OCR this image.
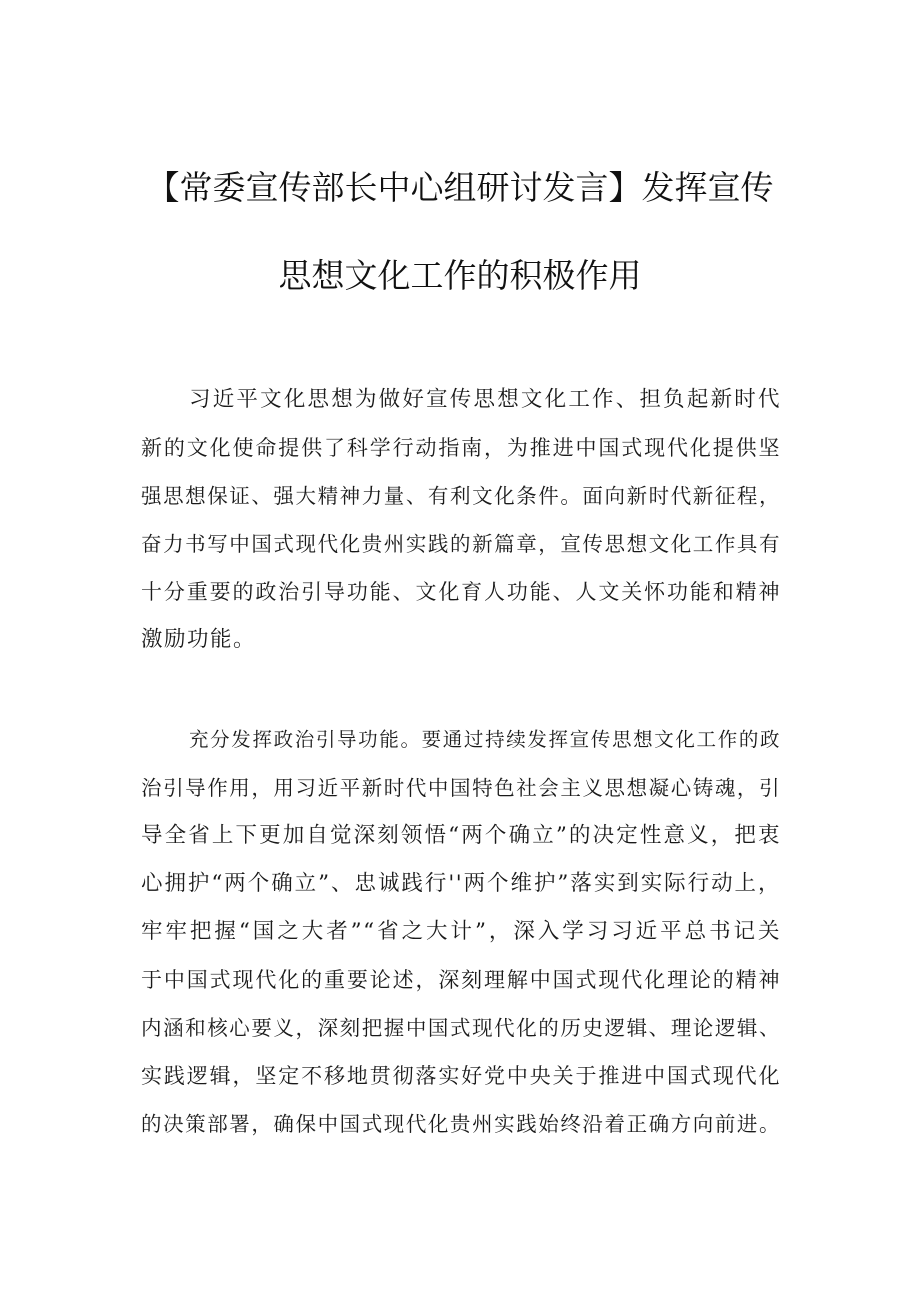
【常委宣传部长中心组研讨发言】发挥宣传
思想文化工作的积极作用
习近平文化思想为做好宣传思想文化工作、担负起新时代
新的文化使命提供了科学行动指南，为推进中国式现代化提供坚
强思想保证、强大精神力量、有利文化条件。面向新时代新征程，
奋力书写中国式现代化贵州实践的新篇章，宣传思想文化工作具有
十分重要的政治引导功能、文化育人功能、人文关怀功能和精神
激励功能。
充分发挥政治引导功能。要通过持续发挥宣传思想文化工作的政
治引导作用，用习近平新时代中国特色社会主义思想凝心铸魂，引
导全省上下更加自觉深刻领悟“两个确立”的决定性意义，把衷
心拥护“两个确立”、忠诚践行''两个维护”落实到实际行动上，
牢牢把握“国之大者”“省之大计”，深入学习习近平总书记关
于中国式现代化的重要论述，深刻理解中国式现代化理论的精神
内涵和核心要义，深刻把握中国式现代化的历史逻辑、理论逻辑、
实践逻辑，坚定不移地贯彻落实好党中央关于推进中国式现代化
的决策部署，确保中国式现代化贵州实践始终沿着正确方向前进。
